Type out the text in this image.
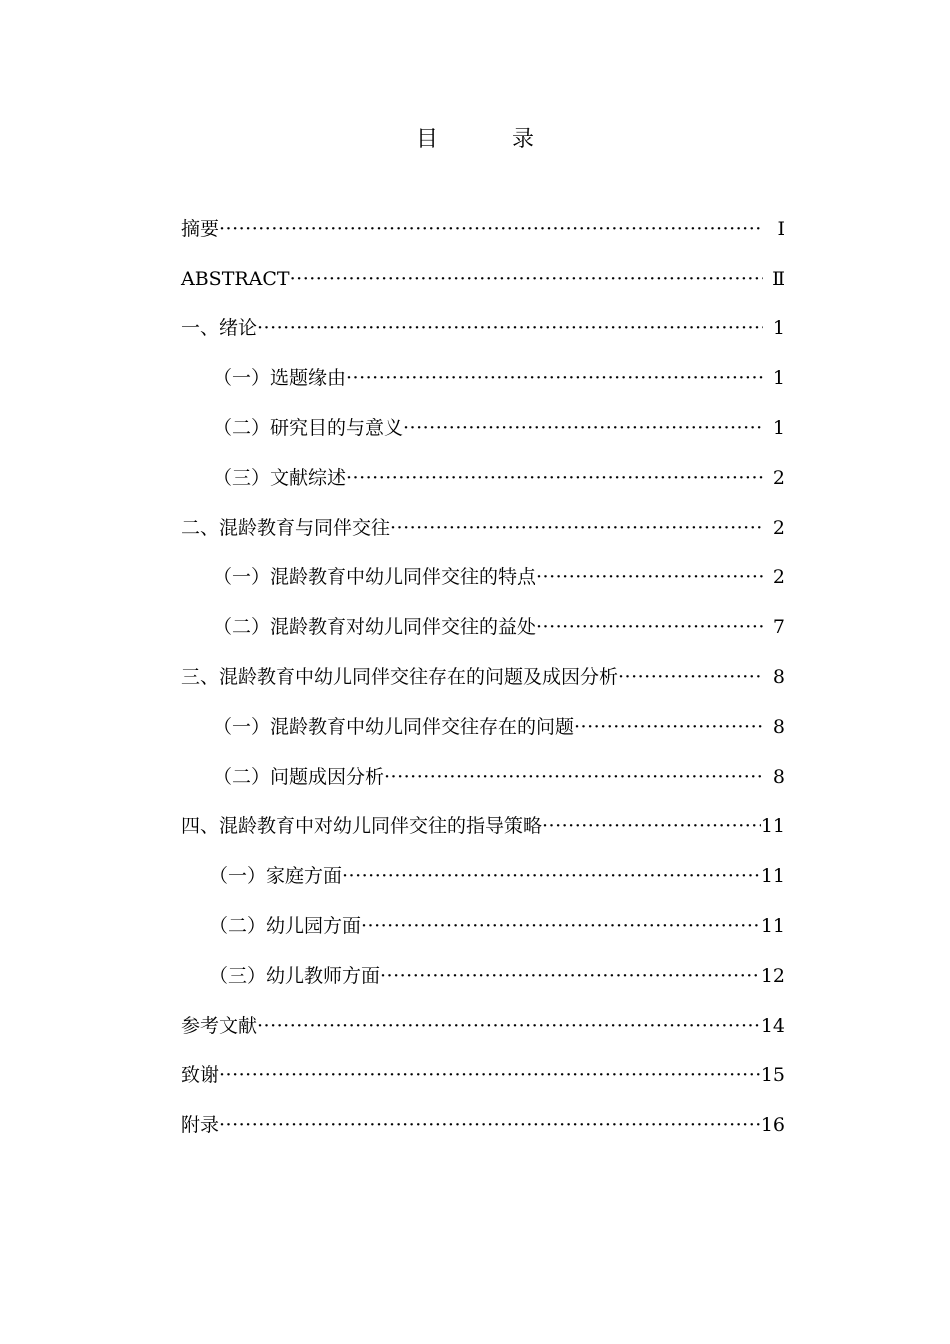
目　录
摘要 ·····	Ⅰ
ABSTRACT ·····	Ⅱ
一、绪论 ·····	1
（一）选题缘由 ·····	1
（二）研究目的与意义 ·····	1
（三）文献综述 ·····	2
二、混龄教育与同伴交往 ·····	2
（一）混龄教育中幼儿同伴交往的特点 ·····	2
（二）混龄教育对幼儿同伴交往的益处 ·····	7
三、混龄教育中幼儿同伴交往存在的问题及成因分析 ·····	8
（一）混龄教育中幼儿同伴交往存在的问题 ·····	8
（二）问题成因分析 ·····	8
四、混龄教育中对幼儿同伴交往的指导策略 ·····	11
（一）家庭方面 ·····	11
（二）幼儿园方面 ·····	11
（三）幼儿教师方面 ·····	12
参考文献 ·····	14
致谢 ·····	15
附录 ·····	16
